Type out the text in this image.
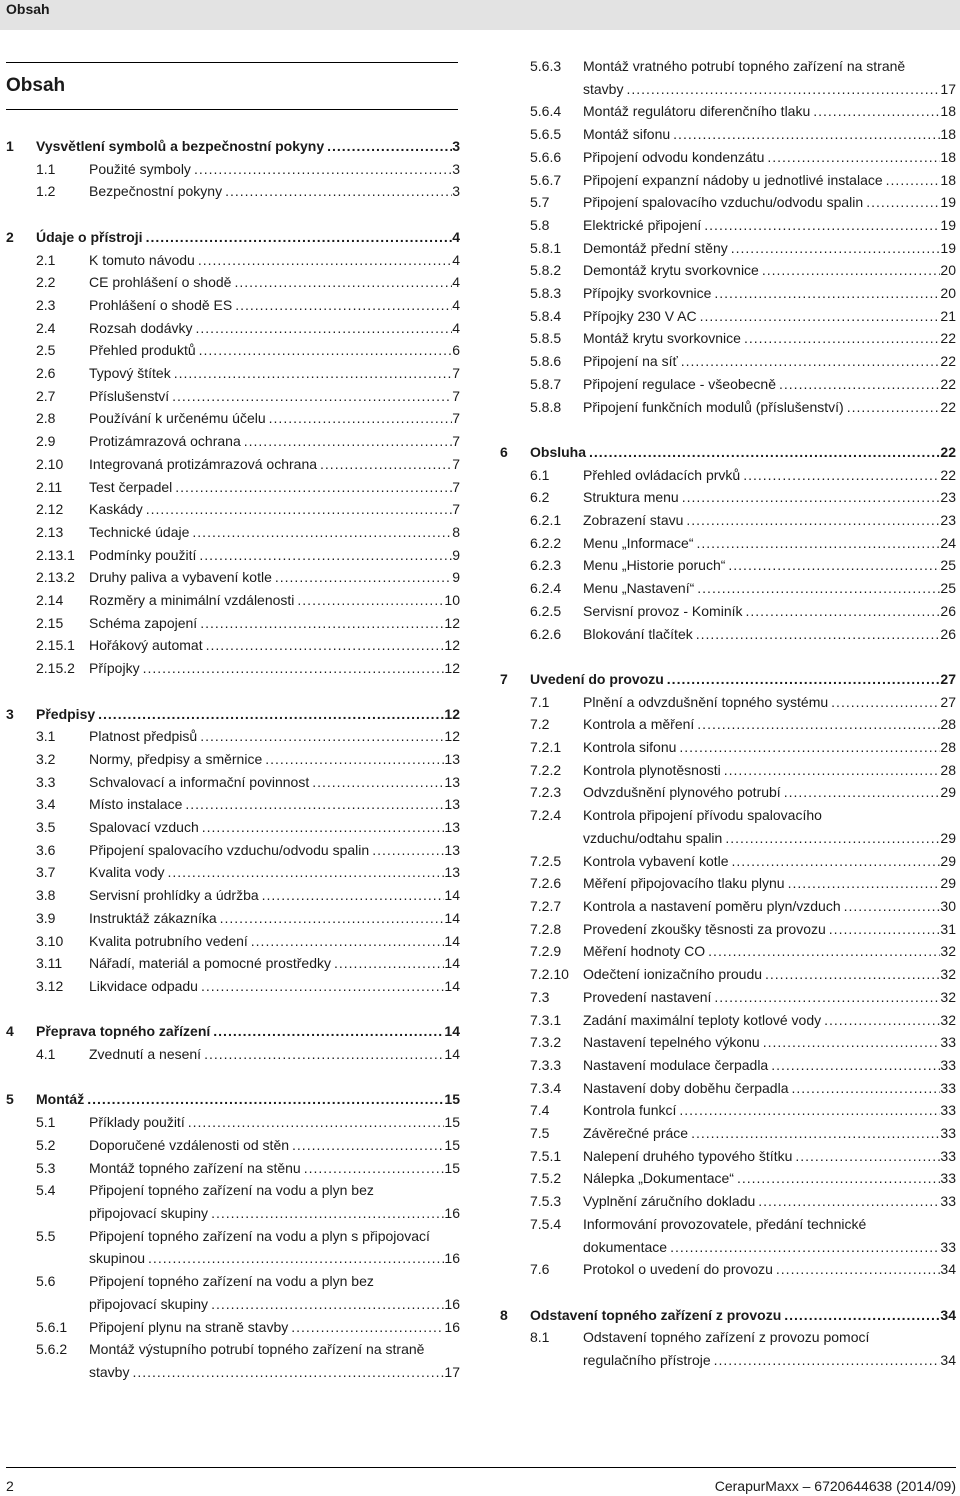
Obsah
Obsah
1	Vysvětlení symbolů a bezpečnostní pokyny .....	3
1.1	Použité symboly .....	3
1.2	Bezpečnostní pokyny .....	3
2	Údaje o přístroji .....	4
2.1	K tomuto návodu .....	4
2.2	CE prohlášení o shodě .....	4
2.3	Prohlášení o shodě ES .....	4
2.4	Rozsah dodávky .....	4
2.5	Přehled produktů .....	6
2.6	Typový štítek .....	7
2.7	Příslušenství .....	7
2.8	Používání k určenému účelu .....	7
2.9	Protizámrazová ochrana .....	7
2.10	Integrovaná protizámrazová ochrana .....	7
2.11	Test čerpadel .....	7
2.12	Kaskády .....	7
2.13	Technické údaje .....	8
2.13.1	Podmínky použití .....	9
2.13.2	Druhy paliva a vybavení kotle .....	9
2.14	Rozměry a minimální vzdálenosti .....	10
2.15	Schéma zapojení .....	12
2.15.1	Hořákový automat .....	12
2.15.2	Přípojky .....	12
3	Předpisy .....	12
3.1	Platnost předpisů .....	12
3.2	Normy, předpisy a směrnice .....	13
3.3	Schvalovací a informační povinnost .....	13
3.4	Místo instalace .....	13
3.5	Spalovací vzduch .....	13
3.6	Připojení spalovacího vzduchu/odvodu spalin .....	13
3.7	Kvalita vody .....	13
3.8	Servisní prohlídky a údržba .....	14
3.9	Instruktáž zákazníka .....	14
3.10	Kvalita potrubního vedení .....	14
3.11	Nářadí, materiál a pomocné prostředky .....	14
3.12	Likvidace odpadu .....	14
4	Přeprava topného zařízení .....	14
4.1	Zvednutí a nesení .....	14
5	Montáž .....	15
5.1	Příklady použití .....	15
5.2	Doporučené vzdálenosti od stěn .....	15
5.3	Montáž topného zařízení na stěnu .....	15
5.4	Připojení topného zařízení na vodu a plyn bez
připojovací skupiny .....	16
5.5	Připojení topného zařízení na vodu a plyn s připojovací
skupinou .....	16
5.6	Připojení topného zařízení na vodu a plyn bez
připojovací skupiny .....	16
5.6.1	Připojení plynu na straně stavby .....	16
5.6.2	Montáž výstupního potrubí topného zařízení na straně
stavby .....	17
5.6.3	Montáž vratného potrubí topného zařízení na straně
stavby .....	17
5.6.4	Montáž regulátoru diferenčního tlaku .....	18
5.6.5	Montáž sifonu .....	18
5.6.6	Připojení odvodu kondenzátu .....	18
5.6.7	Připojení expanzní nádoby u jednotlivé instalace .....	18
5.7	Připojení spalovacího vzduchu/odvodu spalin .....	19
5.8	Elektrické připojení .....	19
5.8.1	Demontáž přední stěny .....	19
5.8.2	Demontáž krytu svorkovnice .....	20
5.8.3	Přípojky svorkovnice .....	20
5.8.4	Přípojky 230 V AC .....	21
5.8.5	Montáž krytu svorkovnice .....	22
5.8.6	Připojení na síť .....	22
5.8.7	Připojení regulace - všeobecně .....	22
5.8.8	Připojení funkčních modulů (příslušenství) .....	22
6	Obsluha .....	22
6.1	Přehled ovládacích prvků .....	22
6.2	Struktura menu .....	23
6.2.1	Zobrazení stavu .....	23
6.2.2	Menu „Informace“ .....	24
6.2.3	Menu „Historie poruch“ .....	25
6.2.4	Menu „Nastavení“ .....	25
6.2.5	Servisní provoz - Kominík .....	26
6.2.6	Blokování tlačítek .....	26
7	Uvedení do provozu .....	27
7.1	Plnění a odvzdušnění topného systému .....	27
7.2	Kontrola a měření .....	28
7.2.1	Kontrola sifonu .....	28
7.2.2	Kontrola plynotěsnosti .....	28
7.2.3	Odvzdušnění plynového potrubí .....	29
7.2.4	Kontrola připojení přívodu spalovacího
vzduchu/odtahu spalin .....	29
7.2.5	Kontrola vybavení kotle .....	29
7.2.6	Měření připojovacího tlaku plynu .....	29
7.2.7	Kontrola a nastavení poměru plyn/vzduch .....	30
7.2.8	Provedení zkoušky těsnosti za provozu .....	31
7.2.9	Měření hodnoty CO .....	32
7.2.10	Odečtení ionizačního proudu .....	32
7.3	Provedení nastavení .....	32
7.3.1	Zadání maximální teploty kotlové vody .....	32
7.3.2	Nastavení tepelného výkonu .....	33
7.3.3	Nastavení modulace čerpadla .....	33
7.3.4	Nastavení doby doběhu čerpadla .....	33
7.4	Kontrola funkcí .....	33
7.5	Závěrečné práce .....	33
7.5.1	Nalepení druhého typového štítku .....	33
7.5.2	Nálepka „Dokumentace“ .....	33
7.5.3	Vyplnění záručního dokladu .....	33
7.5.4	Informování provozovatele, předání technické
dokumentace .....	33
7.6	Protokol o uvedení do provozu .....	34
8	Odstavení topného zařízení z provozu .....	34
8.1	Odstavení topného zařízení z provozu pomocí
regulačního přístroje .....	34
2	CerapurMaxx – 6720644638 (2014/09)
